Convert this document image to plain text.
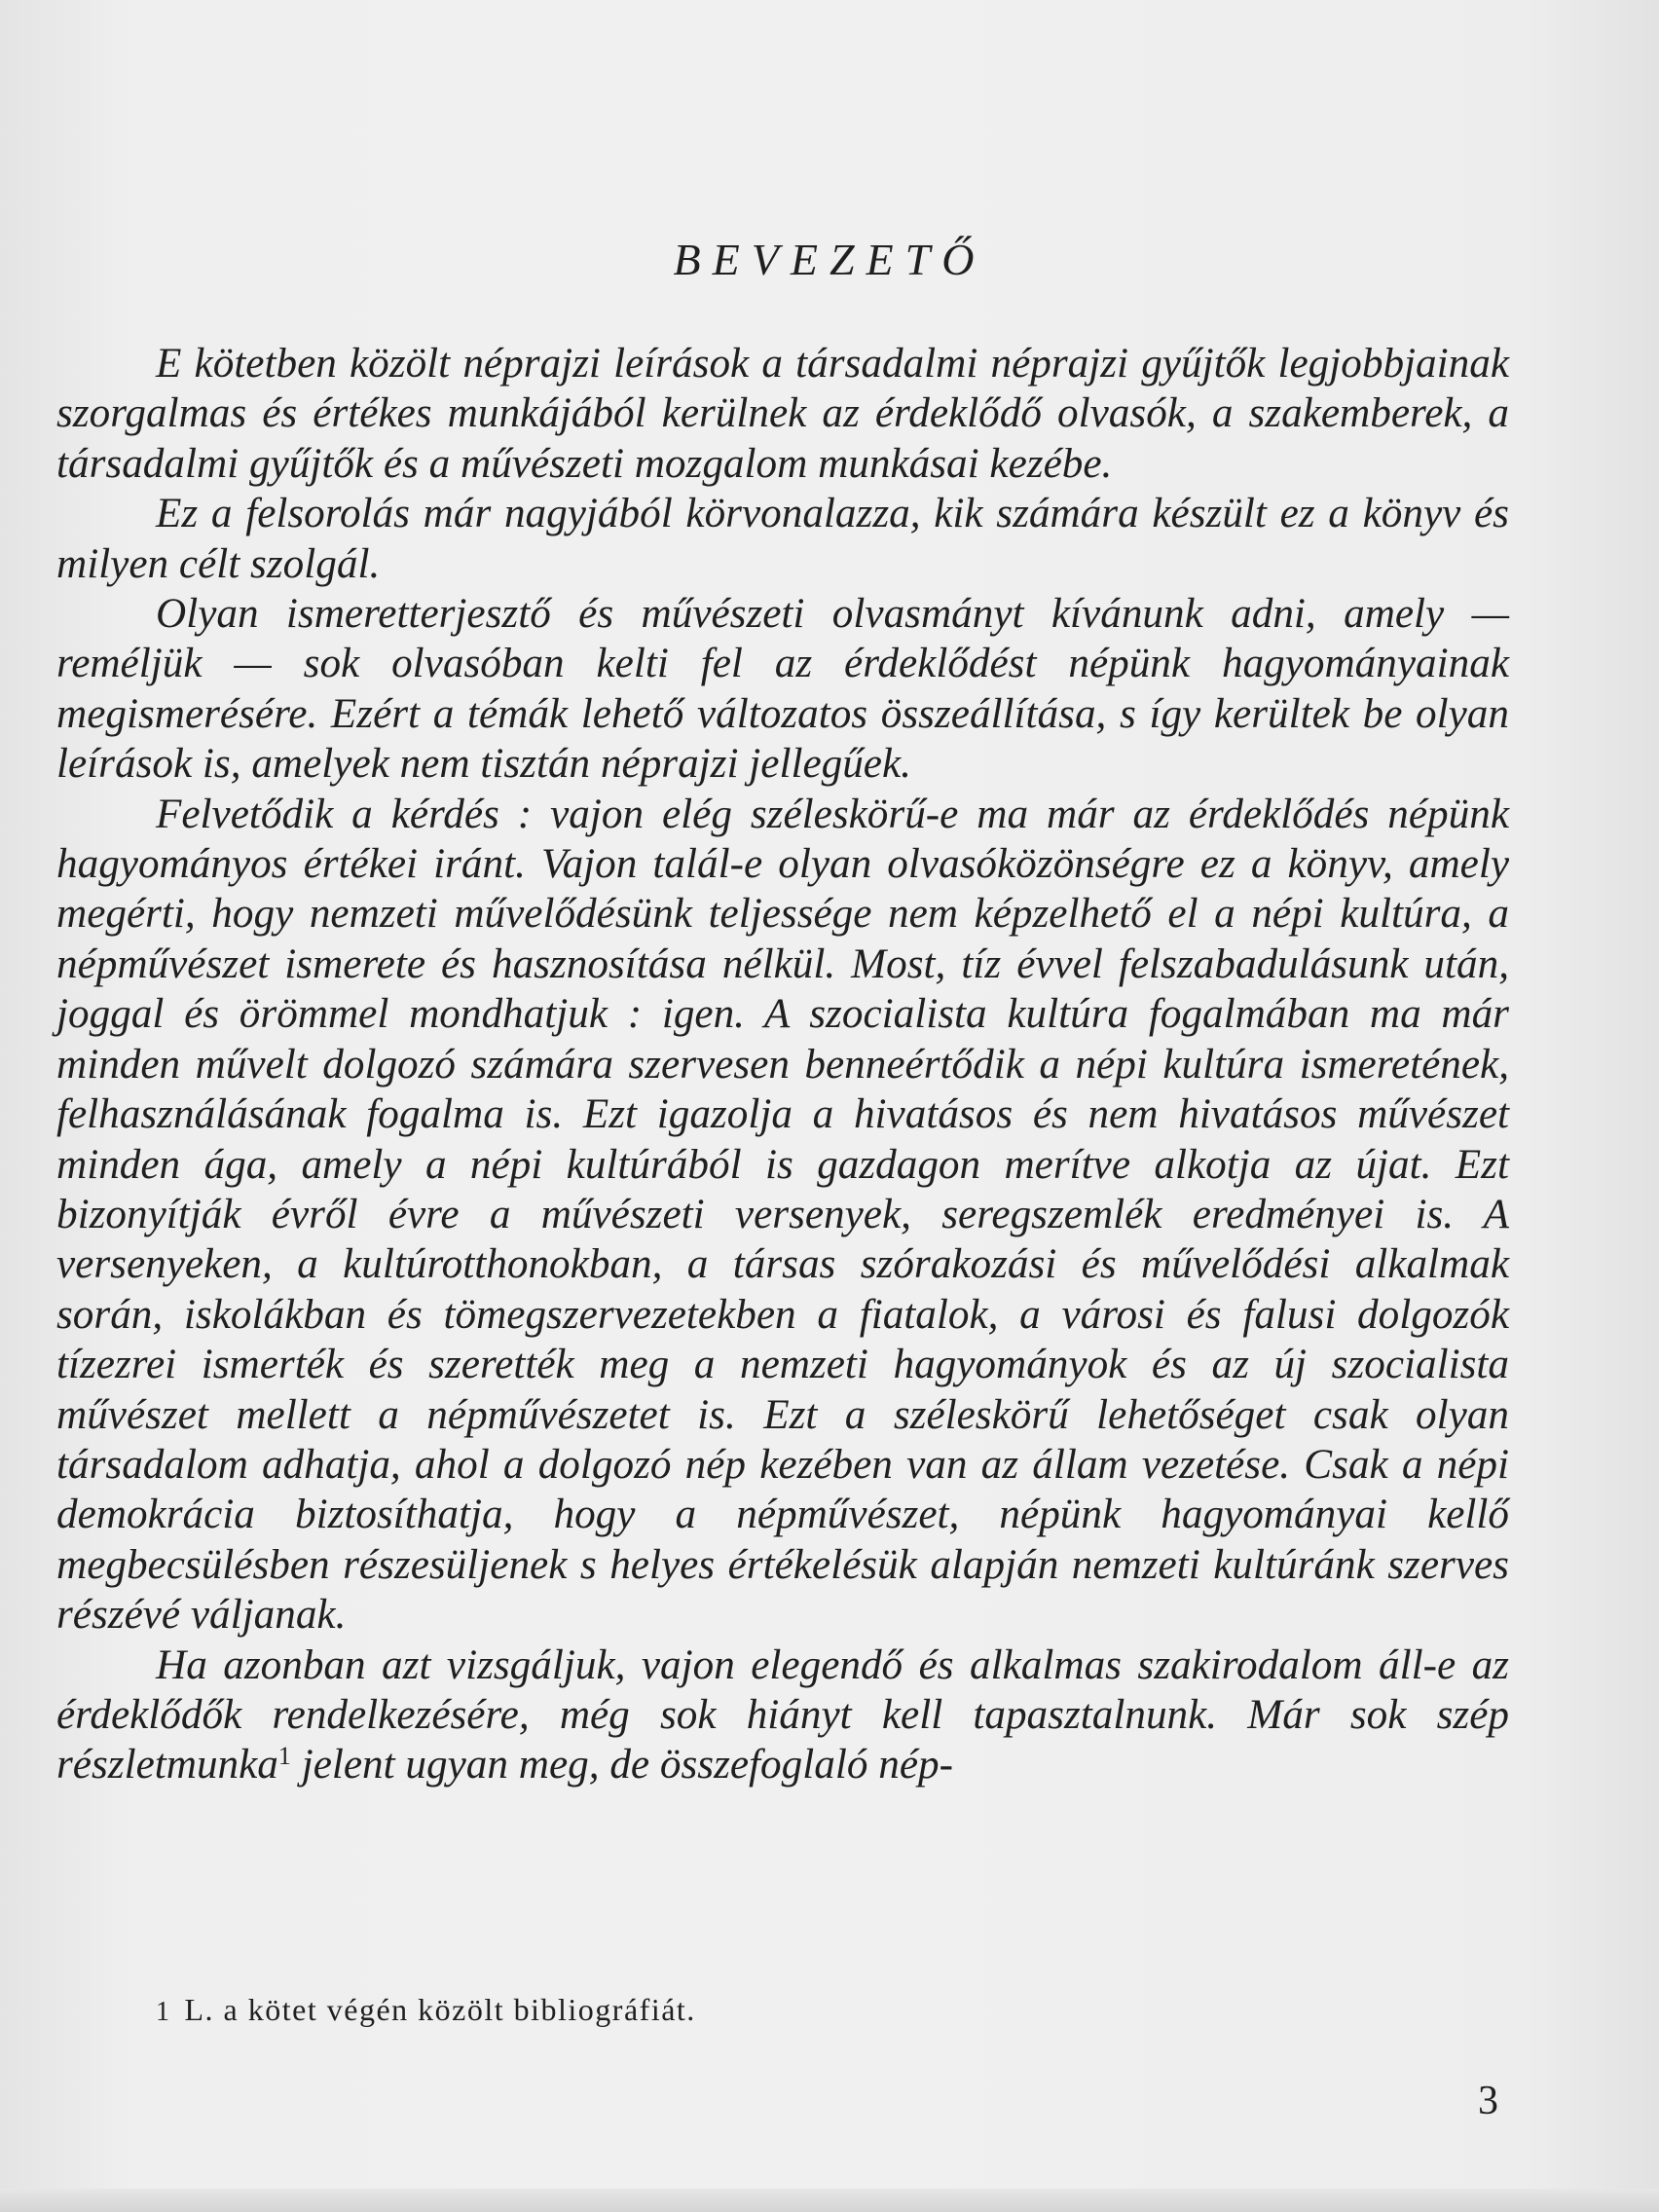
BEVEZETŐ

E kötetben közölt néprajzi leírások a társadalmi néprajzi gyűjtők legjobbjainak szorgalmas és értékes munkájából kerülnek az érdeklődő olvasók, a szakemberek, a társadalmi gyűjtők és a művészeti mozgalom munkásai kezébe.

Ez a felsorolás már nagyjából körvonalazza, kik számára készült ez a könyv és milyen célt szolgál.

Olyan ismeretterjesztő és művészeti olvasmányt kívánunk adni, amely — reméljük — sok olvasóban kelti fel az érdeklődést népünk hagyományainak megismerésére. Ezért a témák lehető változatos összeállítása, s így kerültek be olyan leírások is, amelyek nem tisztán néprajzi jellegűek.

Felvetődik a kérdés : vajon elég széleskörű-e ma már az érdeklődés népünk hagyományos értékei iránt. Vajon talál-e olyan olvasóközönségre ez a könyv, amely megérti, hogy nemzeti művelődésünk teljessége nem képzelhető el a népi kultúra, a népművészet ismerete és hasznosítása nélkül. Most, tíz évvel felszabadulásunk után, joggal és örömmel mondhatjuk : igen. A szocialista kultúra fogalmában ma már minden művelt dolgozó számára szervesen benneértődik a népi kultúra ismeretének, felhasználásának fogalma is. Ezt igazolja a hivatásos és nem hivatásos művészet minden ága, amely a népi kultúrából is gazdagon merítve alkotja az újat. Ezt bizonyítják évről évre a művészeti versenyek, seregszemlék eredményei is. A versenyeken, a kultúrotthonokban, a társas szórakozási és művelődési alkalmak során, iskolákban és tömegszervezetekben a fiatalok, a városi és falusi dolgozók tízezrei ismerték és szerették meg a nemzeti hagyományok és az új szocialista művészet mellett a népművészetet is. Ezt a széleskörű lehetőséget csak olyan társadalom adhatja, ahol a dolgozó nép kezében van az állam vezetése. Csak a népi demokrácia biztosíthatja, hogy a népművészet, népünk hagyományai kellő megbecsülésben részesüljenek s helyes értékelésük alapján nemzeti kultúránk szerves részévé váljanak.

Ha azonban azt vizsgáljuk, vajon elegendő és alkalmas szakirodalom áll-e az érdeklődők rendelkezésére, még sok hiányt kell tapasztalnunk. Már sok szép részletmunka$^1$ jelent ugyan meg, de összefoglaló nép-

1 L. a kötet végén közölt bibliográfiát.
3
